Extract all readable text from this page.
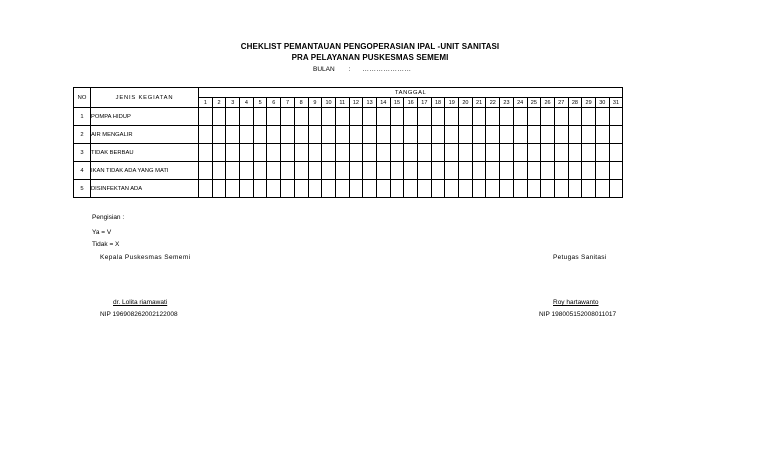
CHEKLIST PEMANTAUAN PENGOPERASIAN IPAL -UNIT SANITASI
PRA PELAYANAN PUSKESMAS SEMEMI
BULAN : …………………
NO	JENIS KEGIATAN	TANGGAL																														
		1	2	3	4	5	6	7	8	9	10	11	12	13	14	15	16	17	18	19	20	21	22	23	24	25	26	27	28	29	30	31
1	POMPA HIDUP																															
2	AIR MENGALIR																															
3	TIDAK BERBAU																															
4	IKAN TIDAK ADA YANG MATI																															
5	DISINFEKTAN ADA																															
Pengisian :
Ya = V
Tidak = X
Kepala Puskesmas Sememi	Petugas Sanitasi
dr. Lolita riamawati	Roy hartawanto
NIP 196908262002122008	NIP 198005152008011017
